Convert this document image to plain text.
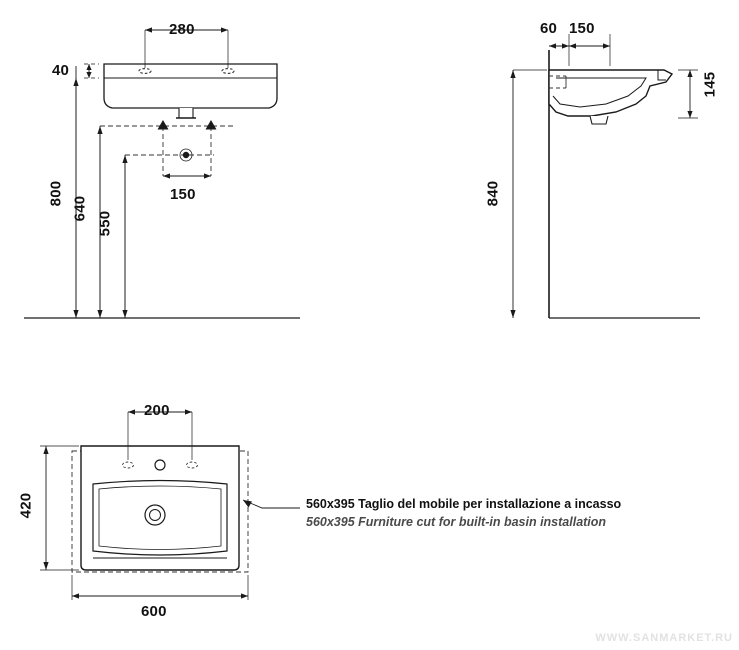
280
40
150
800
640
550
60 150
145
840
200
420
600
560x395 Taglio del mobile per installazione a incasso
560x395 Furniture cut for built-in basin installation
WWW.SANMARKET.RU
